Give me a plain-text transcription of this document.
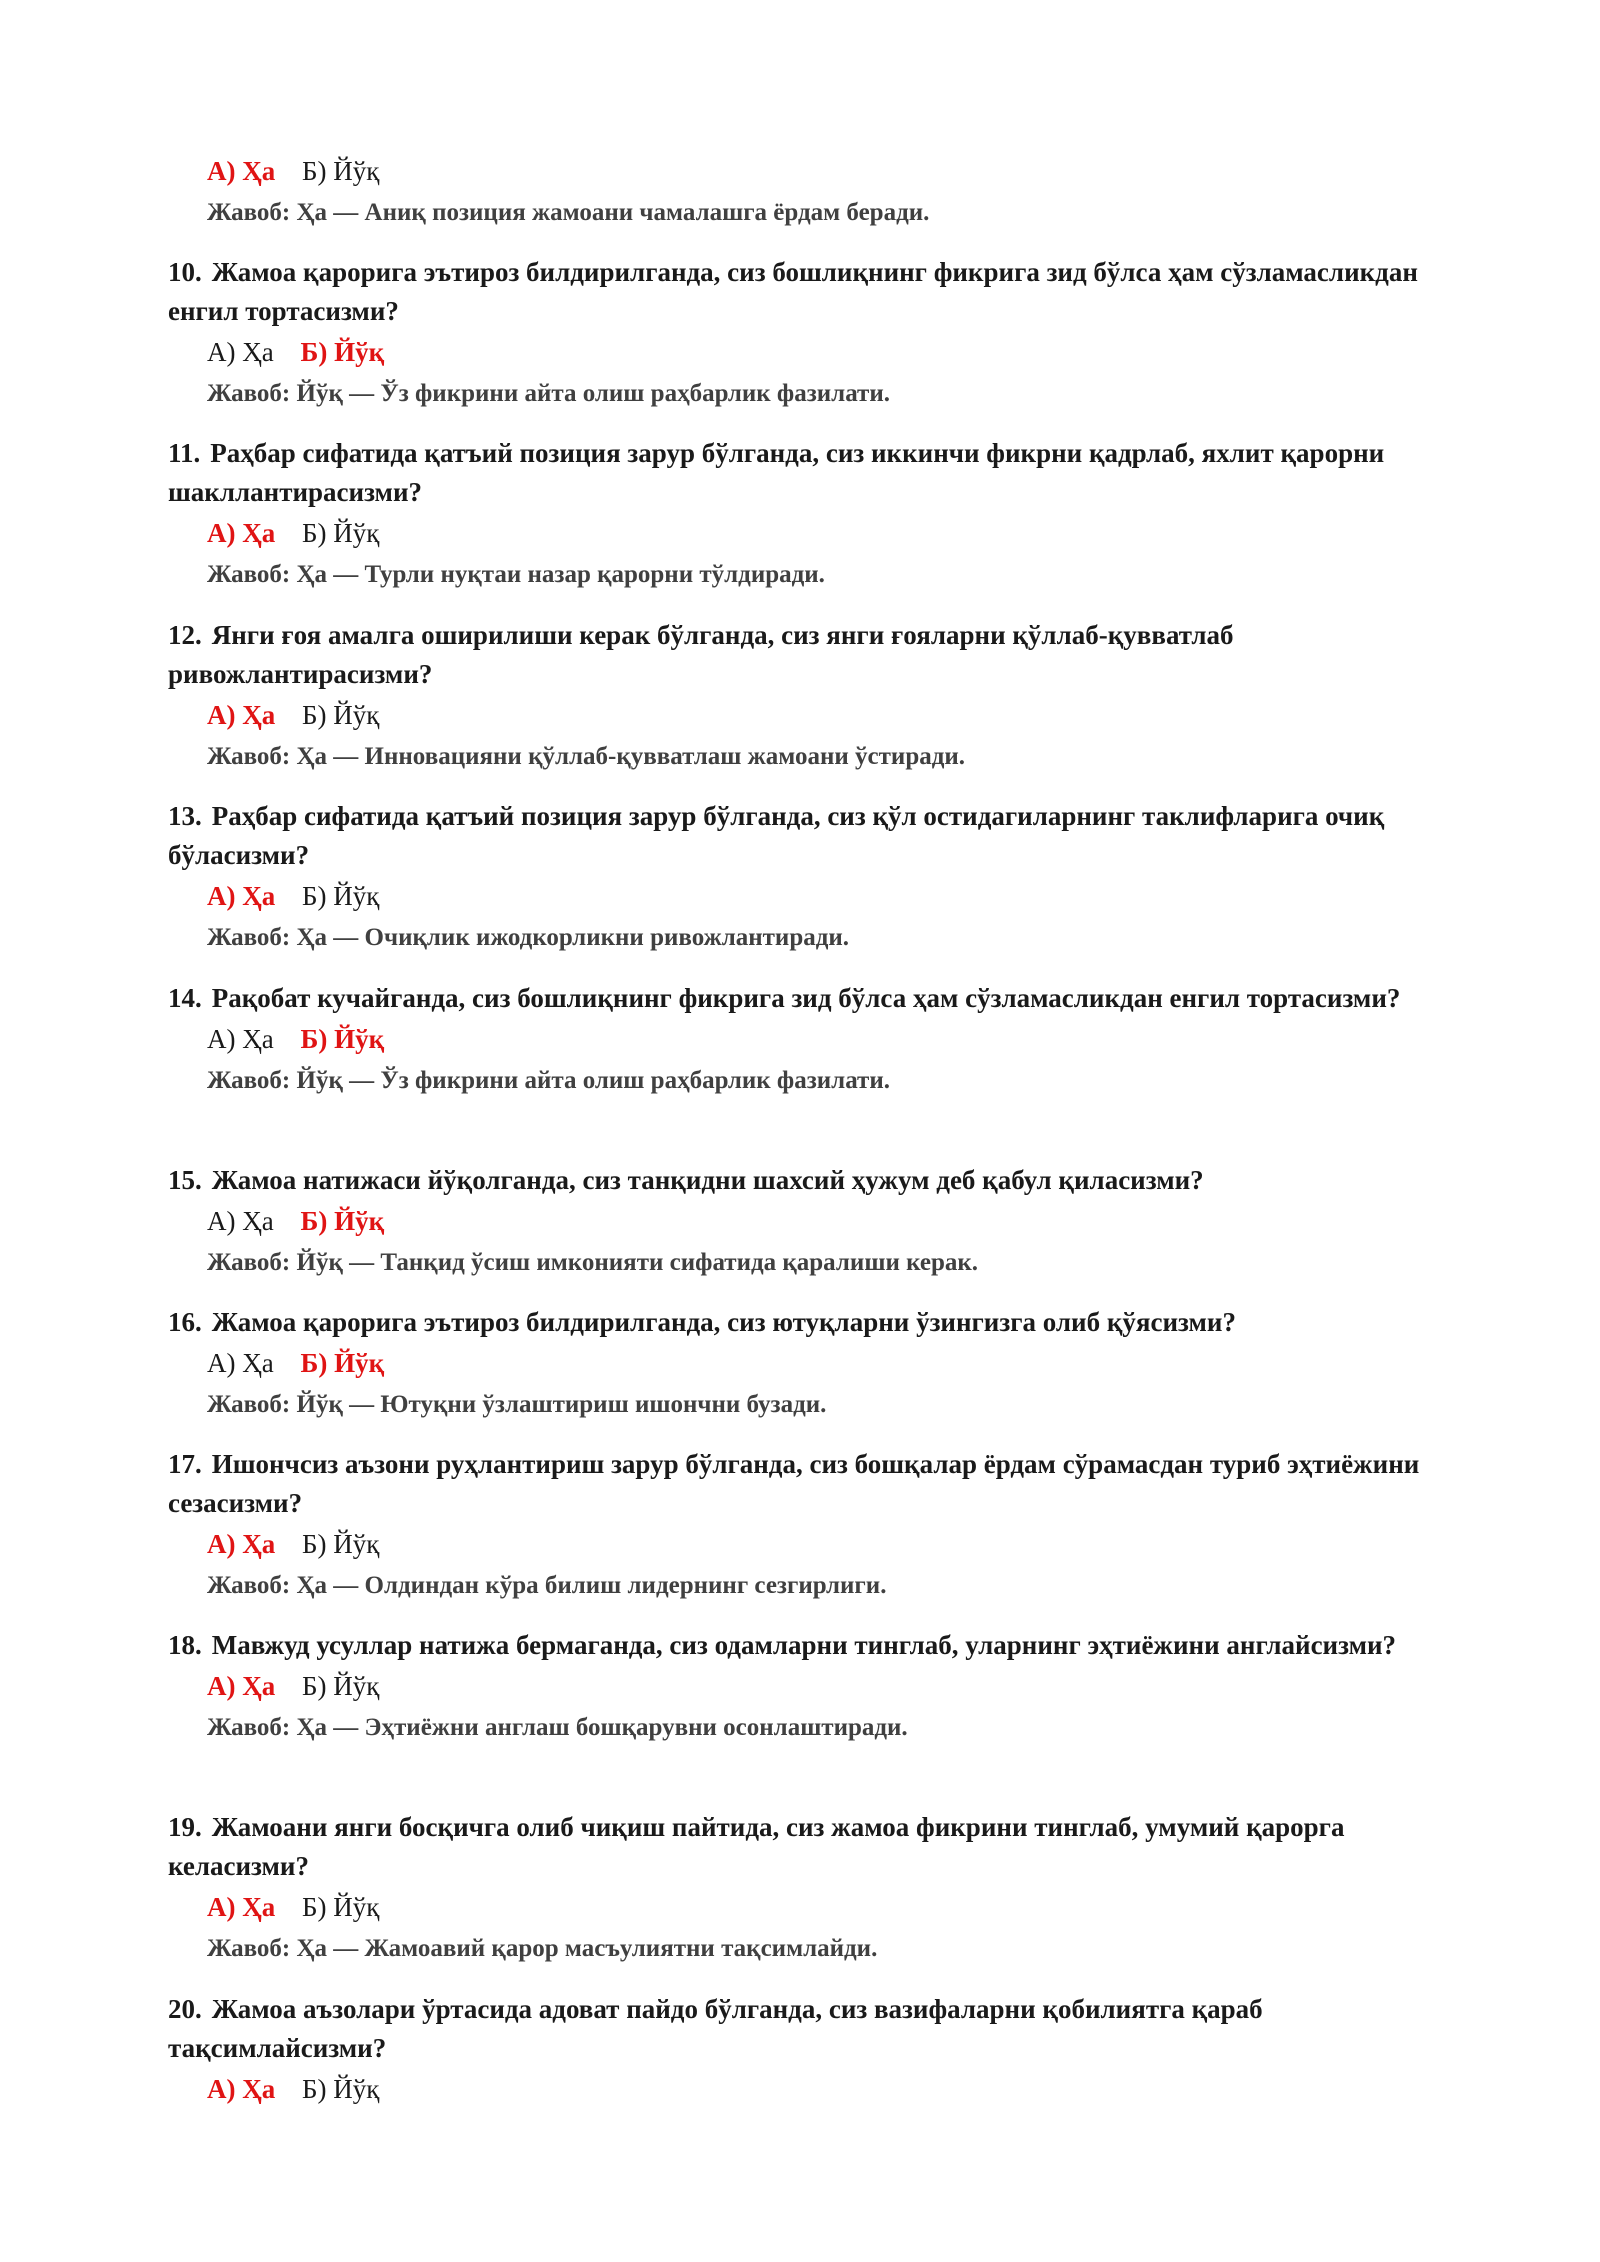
А) Ҳа Б) Йўқ
Жавоб: Ҳа — Аниқ позиция жамоани чамалашга ёрдам беради.

10. Жамоа қарорига эътироз билдирилганда, сиз бошлиқнинг фикрига зид бўлса ҳам сўзламасликдан енгил тортасизми?

А) Ҳа Б) Йўқ
Жавоб: Йўқ — Ўз фикрини айта олиш раҳбарлик фазилати.

11. Раҳбар сифатида қатъий позиция зарур бўлганда, сиз иккинчи фикрни қадрлаб, яхлит қарорни шакллантирасизми?

А) Ҳа Б) Йўқ
Жавоб: Ҳа — Турли нуқтаи назар қарорни тўлдиради.

12. Янги ғоя амалга оширилиши керак бўлганда, сиз янги ғояларни қўллаб-қувватлаб ривожлантирасизми?

А) Ҳа Б) Йўқ
Жавоб: Ҳа — Инновацияни қўллаб-қувватлаш жамоани ўстиради.

13. Раҳбар сифатида қатъий позиция зарур бўлганда, сиз қўл остидагиларнинг таклифларига очиқ бўласизми?

А) Ҳа Б) Йўқ
Жавоб: Ҳа — Очиқлик ижодкорликни ривожлантиради.

14. Рақобат кучайганда, сиз бошлиқнинг фикрига зид бўлса ҳам сўзламасликдан енгил тортасизми?

А) Ҳа Б) Йўқ
Жавоб: Йўқ — Ўз фикрини айта олиш раҳбарлик фазилати.

15. Жамоа натижаси йўқолганда, сиз танқидни шахсий ҳужум деб қабул қиласизми?

А) Ҳа Б) Йўқ
Жавоб: Йўқ — Танқид ўсиш имконияти сифатида қаралиши керак.

16. Жамоа қарорига эътироз билдирилганда, сиз ютуқларни ўзингизга олиб қўясизми?

А) Ҳа Б) Йўқ
Жавоб: Йўқ — Ютуқни ўзлаштириш ишончни бузади.

17. Ишончсиз аъзони руҳлантириш зарур бўлганда, сиз бошқалар ёрдам сўрамасдан туриб эҳтиёжини сезасизми?

А) Ҳа Б) Йўқ
Жавоб: Ҳа — Олдиндан кўра билиш лидернинг сезгирлиги.

18. Мавжуд усуллар натижа бермаганда, сиз одамларни тинглаб, уларнинг эҳтиёжини англайсизми?

А) Ҳа Б) Йўқ
Жавоб: Ҳа — Эҳтиёжни англаш бошқарувни осонлаштиради.

19. Жамоани янги босқичга олиб чиқиш пайтида, сиз жамоа фикрини тинглаб, умумий қарорга келасизми?

А) Ҳа Б) Йўқ
Жавоб: Ҳа — Жамоавий қарор масъулиятни тақсимлайди.

20. Жамоа аъзолари ўртасида адоват пайдо бўлганда, сиз вазифаларни қобилиятга қараб тақсимлайсизми?

А) Ҳа Б) Йўқ
